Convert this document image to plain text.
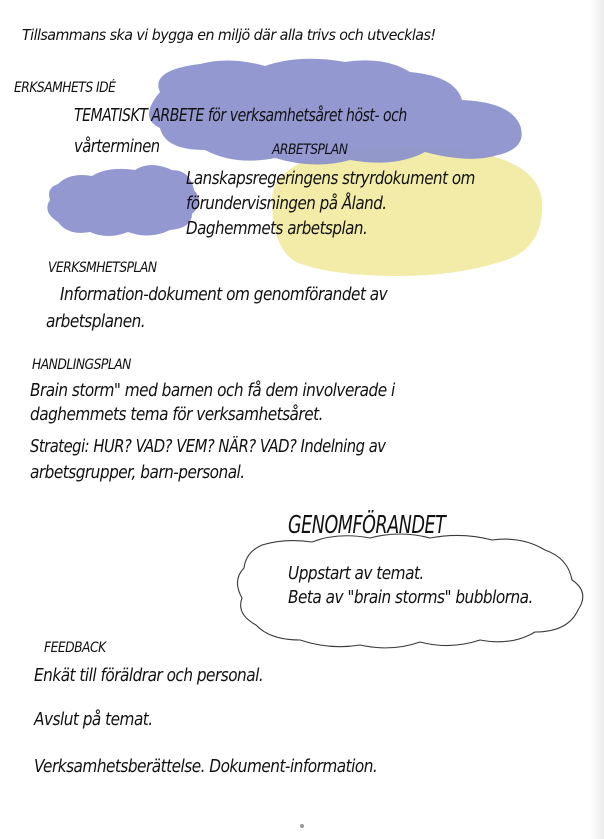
Tillsammans ska vi bygga en miljö där alla trivs och utvecklas!

ERKSAMHETS IDÉ

TEMATISKT ARBETE för verksamhetsåret höst- och

vårterminen	ARBETSPLAN

Lanskapsregeringens stryrdokument om

förundervisningen på Åland.

Daghemmets arbetsplan.

VERKSMHETSPLAN

Information-dokument om genomförandet av

arbetsplanen.

HANDLINGSPLAN

Brain storm" med barnen och få dem involverade i

daghemmets tema för verksamhetsåret.

Strategi: HUR? VAD? VEM? NÄR? VAD? Indelning av

arbetsgrupper, barn-personal.

GENOMFÖRANDET

Uppstart av temat.

Beta av "brain storms" bubblorna.

FEEDBACK

Enkät till föräldrar och personal.

Avslut på temat.

Verksamhetsberättelse. Dokument-information.
